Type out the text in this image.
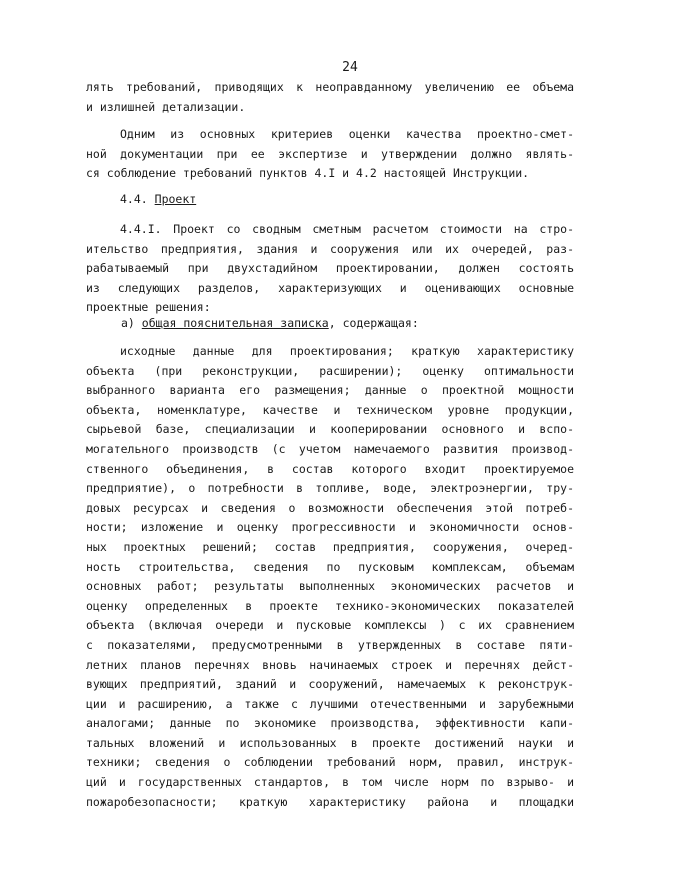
24
лять требований, приводящих к неоправданному увеличению ее объема
и излишней детализации.
Одним из основных критериев оценки качества проектно-смет-
ной документации при ее экспертизе и утверждении должно являть-
ся соблюдение требований пунктов 4.I и 4.2 настоящей Инструкции.
4.4. Проект
4.4.I. Проект со сводным сметным расчетом стоимости на стро-
ительство предприятия, здания и сооружения или их очередей, раз-
рабатываемый при двухстадийном проектировании, должен состоять
из следующих разделов, характеризующих и оценивающих основные
проектные решения:
а) общая пояснительная записка, содержащая:
исходные данные для проектирования; краткую характеристику
объекта (при реконструкции, расширении); оценку оптимальности
выбранного варианта его размещения; данные о проектной мощности
объекта, номенклатуре, качестве и техническом уровне продукции,
сырьевой базе, специализации и кооперировании основного и вспо-
могательного производств (с учетом намечаемого развития производ-
ственного объединения, в состав которого входит проектируемое
предприятие), о потребности в топливе, воде, электроэнергии, тру-
довых ресурсах и сведения о возможности обеспечения этой потреб-
ности; изложение и оценку прогрессивности и экономичности основ-
ных проектных решений; состав предприятия, сооружения, очеред-
ность строительства, сведения по пусковым комплексам, объемам
основных работ; результаты выполненных экономических расчетов и
оценку определенных в проекте технико-экономических показателей
объекта (включая очереди и пусковые комплексы ) с их сравнением
с показателями, предусмотренными в утвержденных в составе пяти-
летних планов перечнях вновь начинаемых строек и перечнях дейст-
вующих предприятий, зданий и сооружений, намечаемых к реконструк-
ции и расширению, а также с лучшими отечественными и зарубежными
аналогами; данные по экономике производства, эффективности капи-
тальных вложений и использованных в проекте достижений науки и
техники; сведения о соблюдении требований норм, правил, инструк-
ций и государственных стандартов, в том числе норм по взрыво- и
пожаробезопасности; краткую характеристику района и площадки
